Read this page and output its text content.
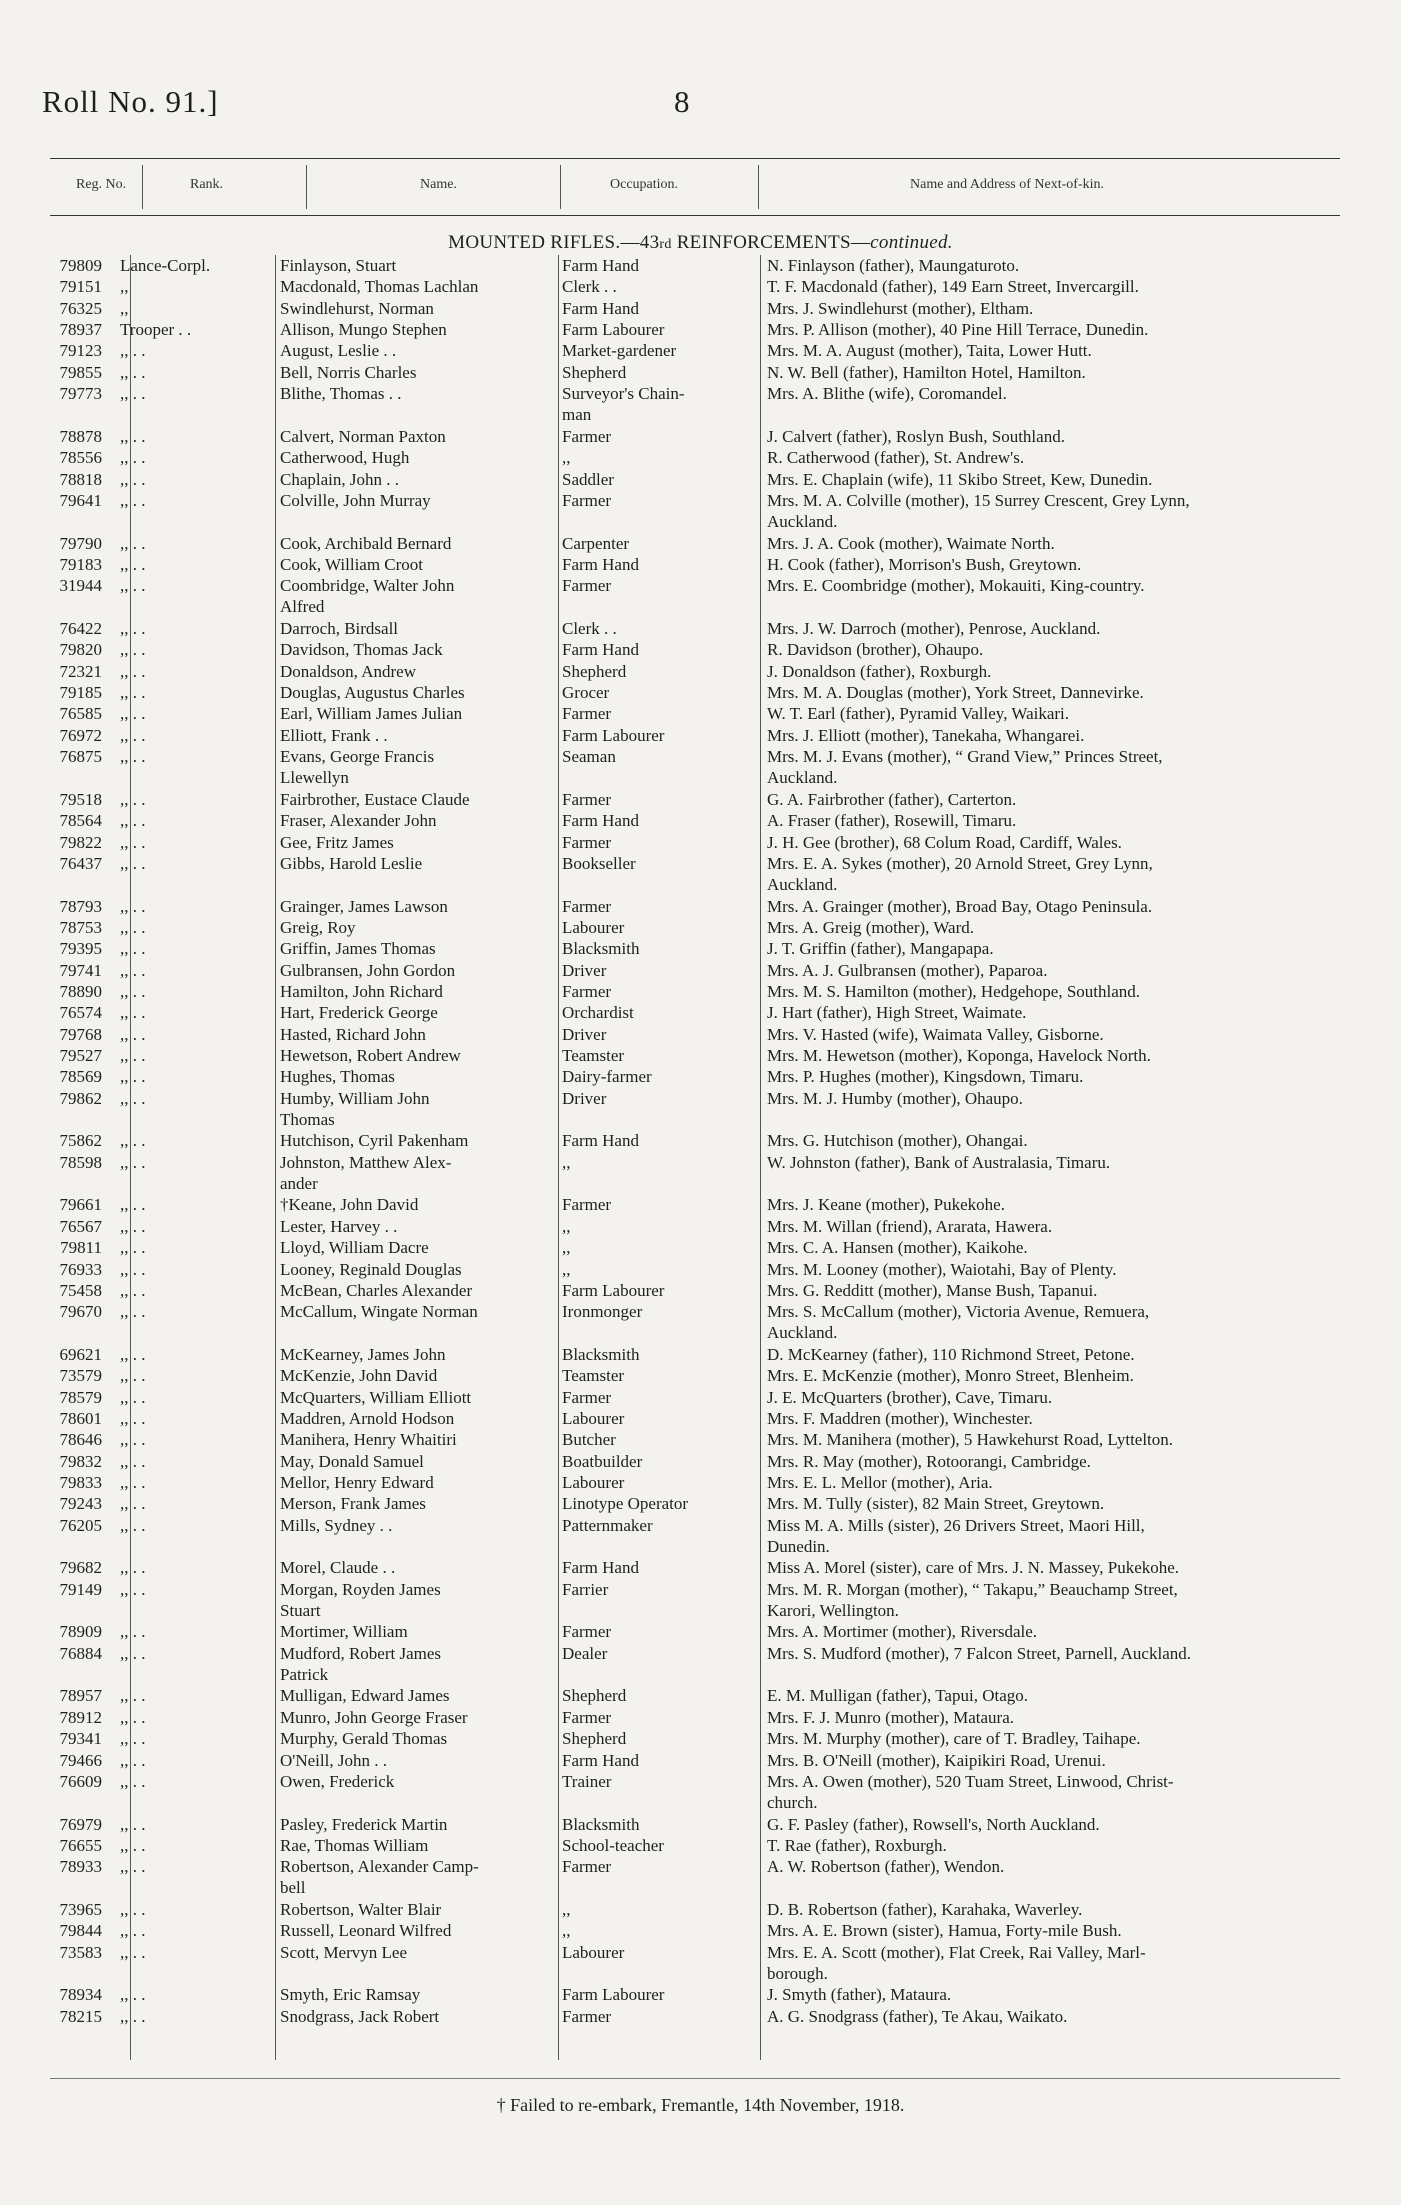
Roll No. 91.]	8
Reg. No.	Rank.	Name.	Occupation.	Name and Address of Next-of-kin.
MOUNTED RIFLES.—43rd REINFORCEMENTS—continued.
79809 Lance-Corpl.	Finlayson, Stuart	Farm Hand	N. Finlayson (father), Maungaturoto.
79151 ,,	Macdonald, Thomas Lachlan	Clerk . .	T. F. Macdonald (father), 149 Earn Street, Invercargill.
76325 ,,	Swindlehurst, Norman	Farm Hand	Mrs. J. Swindlehurst (mother), Eltham.
78937 Trooper . .	Allison, Mungo Stephen	Farm Labourer	Mrs. P. Allison (mother), 40 Pine Hill Terrace, Dunedin.
79123 ,, . .	August, Leslie . .	Market-gardener	Mrs. M. A. August (mother), Taita, Lower Hutt.
79855 ,, . .	Bell, Norris Charles	Shepherd	N. W. Bell (father), Hamilton Hotel, Hamilton.
79773 ,, . .	Blithe, Thomas . .	Surveyor's Chain-
man
Mrs. A. Blithe (wife), Coromandel.
78878 ,, . .	Calvert, Norman Paxton	Farmer	J. Calvert (father), Roslyn Bush, Southland.
78556 ,, . .	Catherwood, Hugh	,,	R. Catherwood (father), St. Andrew's.
78818 ,, . .	Chaplain, John . .	Saddler	Mrs. E. Chaplain (wife), 11 Skibo Street, Kew, Dunedin.
79641 ,, . .	Colville, John Murray	Farmer	Mrs. M. A. Colville (mother), 15 Surrey Crescent, Grey Lynn,
Auckland.
79790 ,, . .	Cook, Archibald Bernard	Carpenter	Mrs. J. A. Cook (mother), Waimate North.
79183 ,, . .	Cook, William Croot	Farm Hand	H. Cook (father), Morrison's Bush, Greytown.
31944 ,, . .	Coombridge, Walter John
Alfred
Farmer	Mrs. E. Coombridge (mother), Mokauiti, King-country.
76422 ,, . .	Darroch, Birdsall	Clerk . .	Mrs. J. W. Darroch (mother), Penrose, Auckland.
79820 ,, . .	Davidson, Thomas Jack	Farm Hand	R. Davidson (brother), Ohaupo.
72321 ,, . .	Donaldson, Andrew	Shepherd	J. Donaldson (father), Roxburgh.
79185 ,, . .	Douglas, Augustus Charles	Grocer	Mrs. M. A. Douglas (mother), York Street, Dannevirke.
76585 ,, . .	Earl, William James Julian	Farmer	W. T. Earl (father), Pyramid Valley, Waikari.
76972 ,, . .	Elliott, Frank . .	Farm Labourer	Mrs. J. Elliott (mother), Tanekaha, Whangarei.
76875 ,, . .	Evans, George Francis
Llewellyn
Seaman	Mrs. M. J. Evans (mother), “ Grand View,” Princes Street,
Auckland.
79518 ,, . .	Fairbrother, Eustace Claude	Farmer	G. A. Fairbrother (father), Carterton.
78564 ,, . .	Fraser, Alexander John	Farm Hand	A. Fraser (father), Rosewill, Timaru.
79822 ,, . .	Gee, Fritz James	Farmer	J. H. Gee (brother), 68 Colum Road, Cardiff, Wales.
76437 ,, . .	Gibbs, Harold Leslie	Bookseller	Mrs. E. A. Sykes (mother), 20 Arnold Street, Grey Lynn,
Auckland.
78793 ,, . .	Grainger, James Lawson	Farmer	Mrs. A. Grainger (mother), Broad Bay, Otago Peninsula.
78753 ,, . .	Greig, Roy	Labourer	Mrs. A. Greig (mother), Ward.
79395 ,, . .	Griffin, James Thomas	Blacksmith	J. T. Griffin (father), Mangapapa.
79741 ,, . .	Gulbransen, John Gordon	Driver	Mrs. A. J. Gulbransen (mother), Paparoa.
78890 ,, . .	Hamilton, John Richard	Farmer	Mrs. M. S. Hamilton (mother), Hedgehope, Southland.
76574 ,, . .	Hart, Frederick George	Orchardist	J. Hart (father), High Street, Waimate.
79768 ,, . .	Hasted, Richard John	Driver	Mrs. V. Hasted (wife), Waimata Valley, Gisborne.
79527 ,, . .	Hewetson, Robert Andrew	Teamster	Mrs. M. Hewetson (mother), Koponga, Havelock North.
78569 ,, . .	Hughes, Thomas	Dairy-farmer	Mrs. P. Hughes (mother), Kingsdown, Timaru.
79862 ,, . .	Humby, William John
Thomas
Driver	Mrs. M. J. Humby (mother), Ohaupo.
75862 ,, . .	Hutchison, Cyril Pakenham	Farm Hand	Mrs. G. Hutchison (mother), Ohangai.
78598 ,, . .	Johnston, Matthew Alex-
ander
,,	W. Johnston (father), Bank of Australasia, Timaru.
79661 ,, . .	†Keane, John David	Farmer	Mrs. J. Keane (mother), Pukekohe.
76567 ,, . .	Lester, Harvey . .	,,	Mrs. M. Willan (friend), Ararata, Hawera.
79811 ,, . .	Lloyd, William Dacre	,,	Mrs. C. A. Hansen (mother), Kaikohe.
76933 ,, . .	Looney, Reginald Douglas	,,	Mrs. M. Looney (mother), Waiotahi, Bay of Plenty.
75458 ,, . .	McBean, Charles Alexander	Farm Labourer	Mrs. G. Redditt (mother), Manse Bush, Tapanui.
79670 ,, . .	McCallum, Wingate Norman	Ironmonger	Mrs. S. McCallum (mother), Victoria Avenue, Remuera,
Auckland.
69621 ,, . .	McKearney, James John	Blacksmith	D. McKearney (father), 110 Richmond Street, Petone.
73579 ,, . .	McKenzie, John David	Teamster	Mrs. E. McKenzie (mother), Monro Street, Blenheim.
78579 ,, . .	McQuarters, William Elliott	Farmer	J. E. McQuarters (brother), Cave, Timaru.
78601 ,, . .	Maddren, Arnold Hodson	Labourer	Mrs. F. Maddren (mother), Winchester.
78646 ,, . .	Manihera, Henry Whaitiri	Butcher	Mrs. M. Manihera (mother), 5 Hawkehurst Road, Lyttelton.
79832 ,, . .	May, Donald Samuel	Boatbuilder	Mrs. R. May (mother), Rotoorangi, Cambridge.
79833 ,, . .	Mellor, Henry Edward	Labourer	Mrs. E. L. Mellor (mother), Aria.
79243 ,, . .	Merson, Frank James	Linotype Operator	Mrs. M. Tully (sister), 82 Main Street, Greytown.
76205 ,, . .	Mills, Sydney . .	Patternmaker	Miss M. A. Mills (sister), 26 Drivers Street, Maori Hill,
Dunedin.
79682 ,, . .	Morel, Claude . .	Farm Hand	Miss A. Morel (sister), care of Mrs. J. N. Massey, Pukekohe.
79149 ,, . .	Morgan, Royden James
Stuart
Farrier	Mrs. M. R. Morgan (mother), “ Takapu,” Beauchamp Street,
Karori, Wellington.
78909 ,, . .	Mortimer, William	Farmer	Mrs. A. Mortimer (mother), Riversdale.
76884 ,, . .	Mudford, Robert James
Patrick
Dealer	Mrs. S. Mudford (mother), 7 Falcon Street, Parnell, Auckland.
78957 ,, . .	Mulligan, Edward James	Shepherd	E. M. Mulligan (father), Tapui, Otago.
78912 ,, . .	Munro, John George Fraser	Farmer	Mrs. F. J. Munro (mother), Mataura.
79341 ,, . .	Murphy, Gerald Thomas	Shepherd	Mrs. M. Murphy (mother), care of T. Bradley, Taihape.
79466 ,, . .	O'Neill, John . .	Farm Hand	Mrs. B. O'Neill (mother), Kaipikiri Road, Urenui.
76609 ,, . .	Owen, Frederick	Trainer	Mrs. A. Owen (mother), 520 Tuam Street, Linwood, Christ-
church.
76979 ,, . .	Pasley, Frederick Martin	Blacksmith	G. F. Pasley (father), Rowsell's, North Auckland.
76655 ,, . .	Rae, Thomas William	School-teacher	T. Rae (father), Roxburgh.
78933 ,, . .	Robertson, Alexander Camp-
bell
Farmer	A. W. Robertson (father), Wendon.
73965 ,, . .	Robertson, Walter Blair	,,	D. B. Robertson (father), Karahaka, Waverley.
79844 ,, . .	Russell, Leonard Wilfred	,,	Mrs. A. E. Brown (sister), Hamua, Forty-mile Bush.
73583 ,, . .	Scott, Mervyn Lee	Labourer	Mrs. E. A. Scott (mother), Flat Creek, Rai Valley, Marl-
borough.
78934 ,, . .	Smyth, Eric Ramsay	Farm Labourer	J. Smyth (father), Mataura.
78215 ,, . .	Snodgrass, Jack Robert	Farmer	A. G. Snodgrass (father), Te Akau, Waikato.
† Failed to re-embark, Fremantle, 14th November, 1918.
